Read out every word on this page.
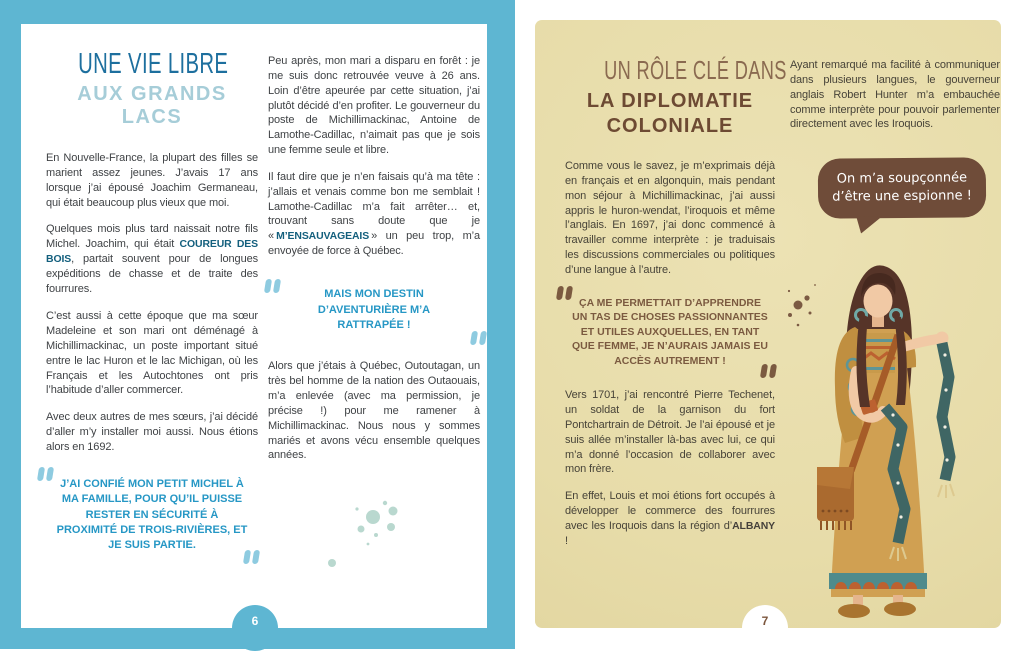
UNE VIE LIBRE
AUX GRANDS LACS

En Nouvelle-France, la plupart des filles se marient assez jeunes. J’avais 17 ans lorsque j’ai épousé Joachim Germaneau, qui était beaucoup plus vieux que moi.

Quelques mois plus tard naissait notre fils Michel. Joachim, qui était COUREUR DES BOIS, partait souvent pour de longues expéditions de chasse et de traite des fourrures.

C’est aussi à cette époque que ma sœur Madeleine et son mari ont déménagé à Michillimackinac, un poste important situé entre le lac Huron et le lac Michigan, où les Français et les Autochtones ont pris l’habitude d’aller commercer.

Avec deux autres de mes sœurs, j’ai décidé d’aller m’y installer moi aussi. Nous étions alors en 1692.

J’AI CONFIÉ MON PETIT MICHEL À MA FAMILLE, POUR QU’IL PUISSE RESTER EN SÉCURITÉ À PROXIMITÉ DE TROIS-RIVIÈRES, ET JE SUIS PARTIE.

Peu après, mon mari a disparu en forêt : je me suis donc retrouvée veuve à 26 ans. Loin d’être apeurée par cette situation, j’ai plutôt décidé d’en profiter. Le gouverneur du poste de Michillimackinac, Antoine de Lamothe-Cadillac, n’aimait pas que je sois une femme seule et libre.

Il faut dire que je n’en faisais qu’à ma tête : j’allais et venais comme bon me semblait ! Lamothe-Cadillac m’a fait arrêter… et, trouvant sans doute que je « M’ENSAUVAGEAIS » un peu trop, m’a envoyée de force à Québec.

MAIS MON DESTIN D’AVENTURIÈRE M’A RATTRAPÉE !

Alors que j’étais à Québec, Outoutagan, un très bel homme de la nation des Outaouais, m’a enlevée (avec ma permission, je précise !) pour me ramener à Michillimackinac. Nous nous y sommes mariés et avons vécu ensemble quelques années.

6
UN RÔLE CLÉ DANS
LA DIPLOMATIE COLONIALE

Comme vous le savez, je m’exprimais déjà en français et en algonquin, mais pendant mon séjour à Michillimackinac, j’ai aussi appris le huron-wendat, l’iroquois et même l’anglais. En 1697, j’ai donc commencé à travailler comme interprète : je traduisais les discussions commerciales ou politiques d’une langue à l’autre.

ÇA ME PERMETTAIT D’APPRENDRE UN TAS DE CHOSES PASSIONNANTES ET UTILES AUXQUELLES, EN TANT QUE FEMME, JE N’AURAIS JAMAIS EU ACCÈS AUTREMENT !

Vers 1701, j’ai rencontré Pierre Techenet, un soldat de la garnison du fort Pontchartrain de Détroit. Je l’ai épousé et je suis allée m’installer là-bas avec lui, ce qui m’a donné l’occasion de collaborer avec mon frère.

En effet, Louis et moi étions fort occupés à développer le commerce des fourrures avec les Iroquois dans la région d’ALBANY !

Ayant remarqué ma facilité à communiquer dans plusieurs langues, le gouverneur anglais Robert Hunter m’a embauchée comme interprète pour pouvoir parlementer directement avec les Iroquois.

On m’a soupçonnée d’être une espionne !
7
